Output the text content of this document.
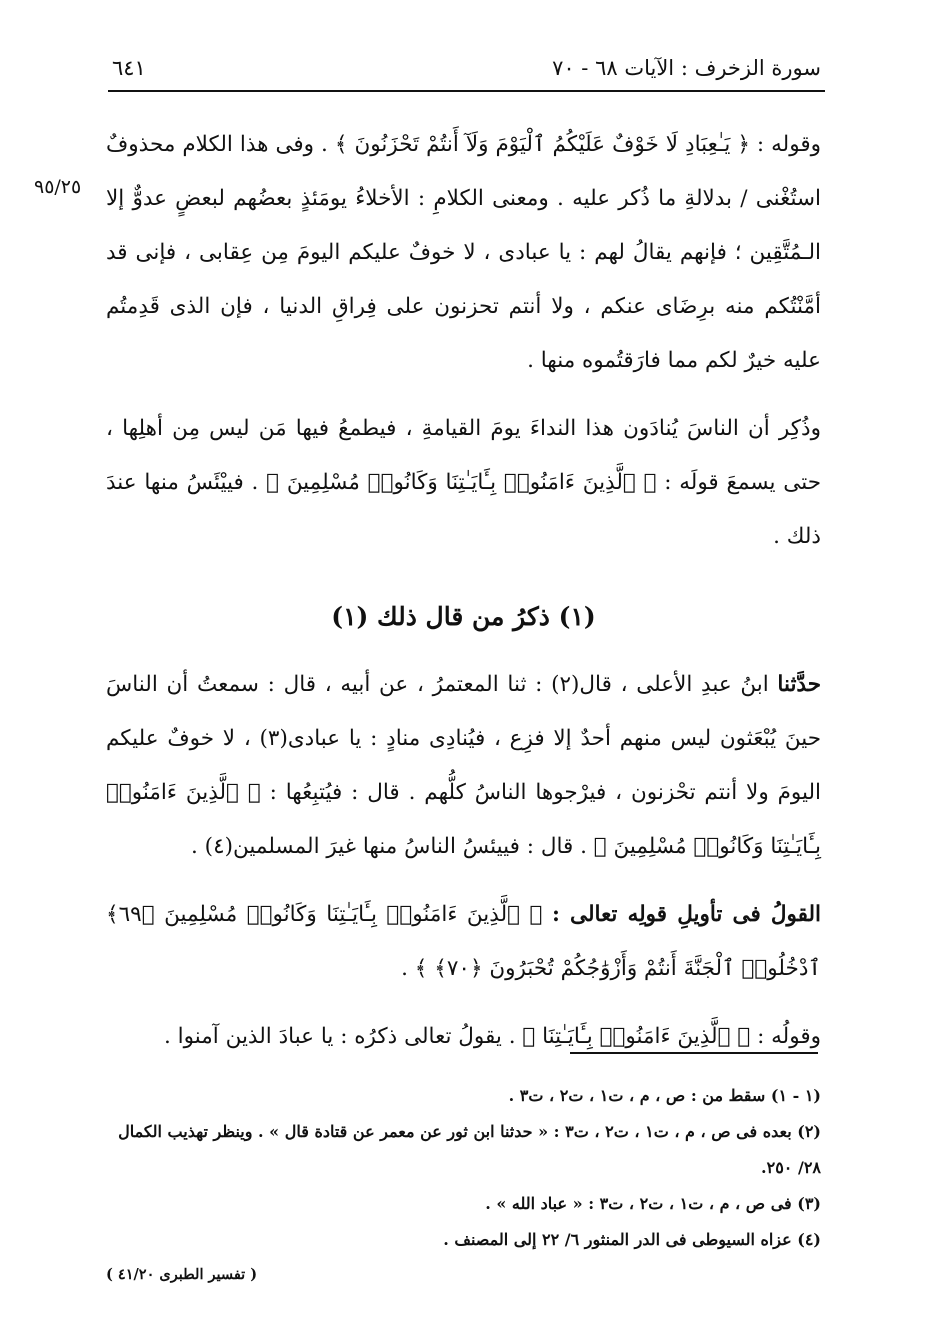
سورة الزخرف : الآيات ٦٨ - ٧٠
٦٤١
٩٥/٢٥

وقوله : ﴿ يَـٰعِبَادِ لَا خَوْفٌ عَلَيْكُمُ ٱلْيَوْمَ وَلَآ أَنتُمْ تَحْزَنُونَ ﴾ . وفى هذا الكلام محذوفٌ استُغْنى / بدلالةِ ما ذُكر عليه . ومعنى الكلامِ : الأخلاءُ يومَئذٍ بعضُهم لبعضٍ عدوٌّ إلا الـمُتَّقِين ؛ فإنهم يقالُ لهم : يا عبادى ، لا خوفٌ عليكم اليومَ مِن عِقابى ، فإنى قد أمَّنْتُكم منه برِضَاى عنكم ، ولا أنتم تحزنون على فِراقِ الدنيا ، فإن الذى قَدِمتُم عليه خيرٌ لكم مما فارَقتُموه منها .

وذُكِر أن الناسَ يُنادَون هذا النداءَ يومَ القيامةِ ، فيطمعُ فيها مَن ليس مِن أهلِها ، حتى يسمعَ قولَه : ﴿ ٱلَّذِينَ ءَامَنُوا۟ بِـَٔايَـٰتِنَا وَكَانُوا۟ مُسْلِمِينَ ﴾ . فييْئَسُ منها عندَ ذلك .

(١) ذكرُ من قال ذلك (١)

حدَّثنا ابنُ عبدِ الأعلى ، قال(٢) : ثنا المعتمرُ ، عن أبيه ، قال : سمعتُ أن الناسَ حينَ يُبْعَثون ليس منهم أحدٌ إلا فزِع ، فيُنادِى منادٍ : يا عبادى(٣) ، لا خوفٌ عليكم اليومَ ولا أنتم تحْزنون ، فيرْجوها الناسُ كلُّهم . قال : فيُتبِعُها : ﴿ ٱلَّذِينَ ءَامَنُوا۟ بِـَٔايَـٰتِنَا وَكَانُوا۟ مُسْلِمِينَ ﴾ . قال : فييئسُ الناسُ منها غيرَ المسلمين(٤) .

القولُ فى تأويلِ قولِه تعالى : ﴿ ٱلَّذِينَ ءَامَنُوا۟ بِـَٔايَـٰتِنَا وَكَانُوا۟ مُسْلِمِينَ ﴿٦٩﴾ ٱدْخُلُوا۟ ٱلْجَنَّةَ أَنتُمْ وَأَزْوَٰجُكُمْ تُحْبَرُونَ ﴿٧٠﴾ ﴾ .

وقولُه : ﴿ ٱلَّذِينَ ءَامَنُوا۟ بِـَٔايَـٰتِنَا ﴾ . يقولُ تعالى ذكرُه : يا عبادَ الذين آمنوا .

(١ - ١) سقط من : ص ، م ، ت١ ، ت٢ ، ت٣ .

(٢) بعده فى ص ، م ، ت١ ، ت٢ ، ت٣ : « حدثنا ابن ثور عن معمر عن قتادة قال » . وينظر تهذيب الكمال ٢٨/ ٢٥٠.

(٣) فى ص ، م ، ت١ ، ت٢ ، ت٣ : « عباد الله » .

(٤) عزاه السيوطى فى الدر المنثور ٦/ ٢٢ إلى المصنف .

( تفسير الطبرى ٤١/٢٠ )
